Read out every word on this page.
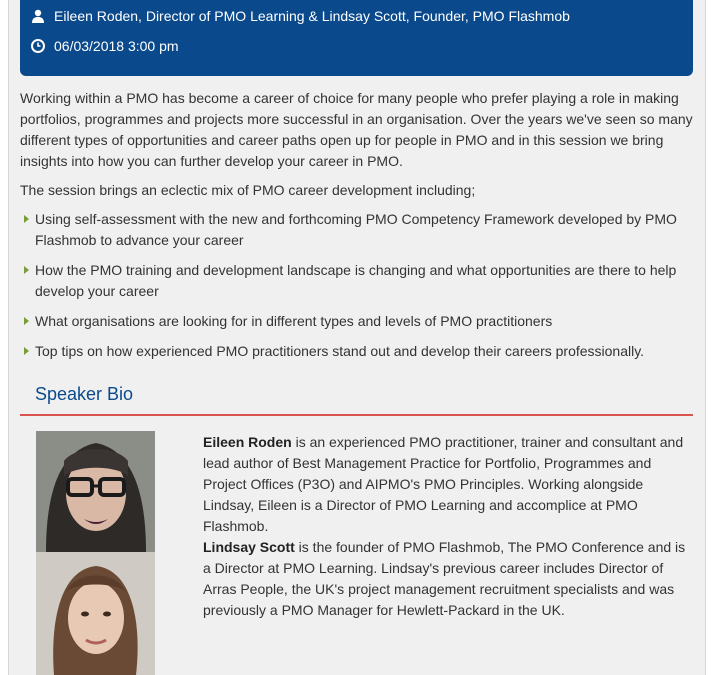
Eileen Roden, Director of PMO Learning & Lindsay Scott, Founder, PMO Flashmob
06/03/2018 3:00 pm

Working within a PMO has become a career of choice for many people who prefer playing a role in making portfolios, programmes and projects more successful in an organisation. Over the years we've seen so many different types of opportunities and career paths open up for people in PMO and in this session we bring insights into how you can further develop your career in PMO.

The session brings an eclectic mix of PMO career development including;

Using self-assessment with the new and forthcoming PMO Competency Framework developed by PMO Flashmob to advance your career
How the PMO training and development landscape is changing and what opportunities are there to help develop your career
What organisations are looking for in different types and levels of PMO practitioners
Top tips on how experienced PMO practitioners stand out and develop their careers professionally.
Speaker Bio

Eileen Roden is an experienced PMO practitioner, trainer and consultant and lead author of Best Management Practice for Portfolio, Programmes and Project Offices (P3O) and AIPMO's PMO Principles. Working alongside Lindsay, Eileen is a Director of PMO Learning and accomplice at PMO Flashmob.

Lindsay Scott is the founder of PMO Flashmob, The PMO Conference and is a Director at PMO Learning. Lindsay's previous career includes Director of Arras People, the UK's project management recruitment specialists and was previously a PMO Manager for Hewlett-Packard in the UK.
